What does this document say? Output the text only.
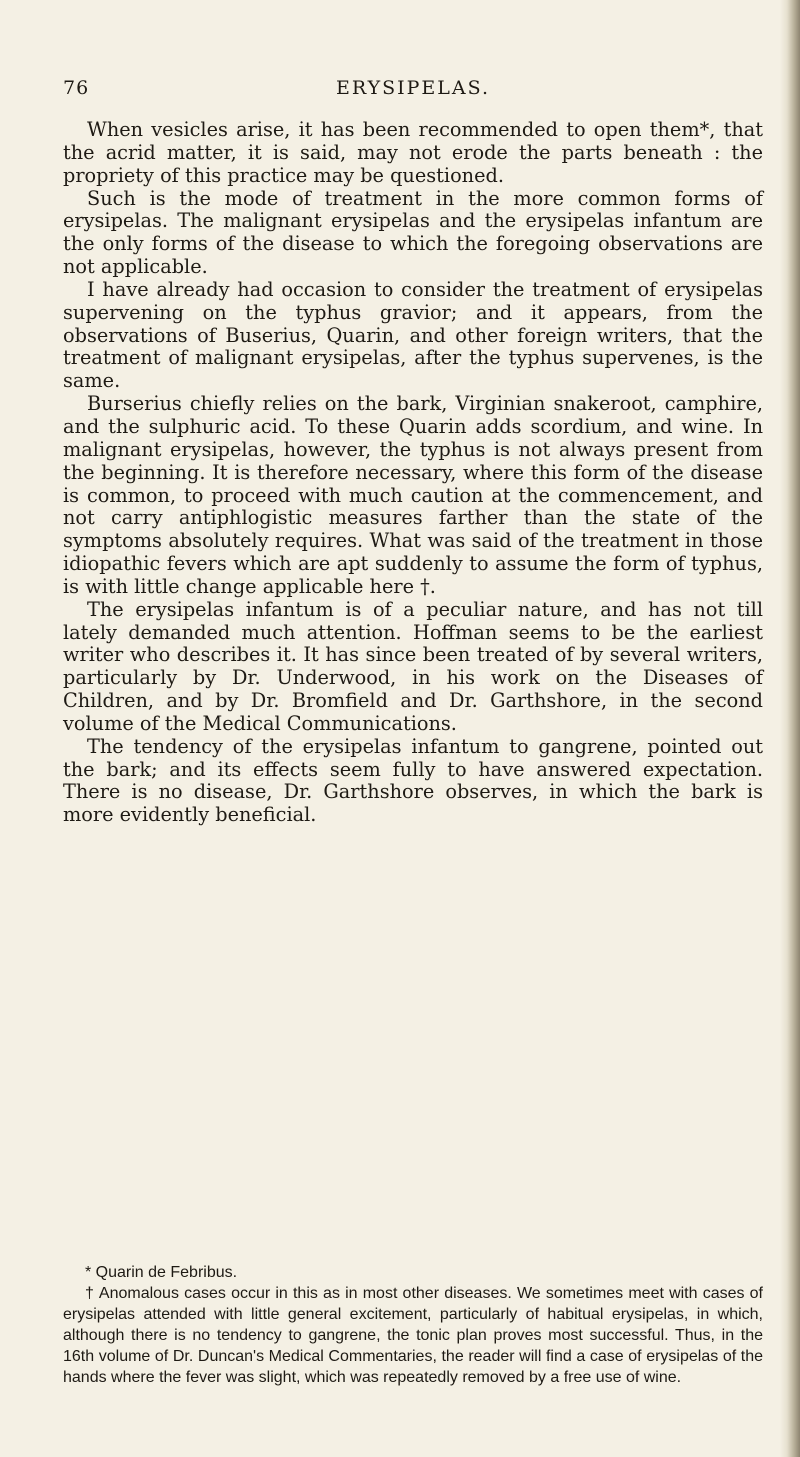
76	ERYSIPELAS.

When vesicles arise, it has been recommended to open them*, that the acrid matter, it is said, may not erode the parts beneath : the propriety of this practice may be questioned.

Such is the mode of treatment in the more common forms of erysipelas. The malignant erysipelas and the erysipelas infantum are the only forms of the disease to which the foregoing observations are not applicable.

I have already had occasion to consider the treatment of erysipelas supervening on the typhus gravior; and it appears, from the observations of Buserius, Quarin, and other foreign writers, that the treatment of malignant erysipelas, after the typhus supervenes, is the same.

Burserius chiefly relies on the bark, Virginian snakeroot, camphire, and the sulphuric acid. To these Quarin adds scordium, and wine. In malignant erysipelas, however, the typhus is not always present from the beginning. It is therefore necessary, where this form of the disease is common, to proceed with much caution at the commencement, and not carry antiphlogistic measures farther than the state of the symptoms absolutely requires. What was said of the treatment in those idiopathic fevers which are apt suddenly to assume the form of typhus, is with little change applicable here †.

The erysipelas infantum is of a peculiar nature, and has not till lately demanded much attention. Hoffman seems to be the earliest writer who describes it. It has since been treated of by several writers, particularly by Dr. Underwood, in his work on the Diseases of Children, and by Dr. Bromfield and Dr. Garthshore, in the second volume of the Medical Communications.

The tendency of the erysipelas infantum to gangrene, pointed out the bark; and its effects seem fully to have answered expectation. There is no disease, Dr. Garthshore observes, in which the bark is more evidently beneficial.

* Quarin de Febribus.

† Anomalous cases occur in this as in most other diseases. We sometimes meet with cases of erysipelas attended with little general excitement, particularly of habitual erysipelas, in which, although there is no tendency to gangrene, the tonic plan proves most successful. Thus, in the 16th volume of Dr. Duncan's Medical Commentaries, the reader will find a case of erysipelas of the hands where the fever was slight, which was repeatedly removed by a free use of wine.
